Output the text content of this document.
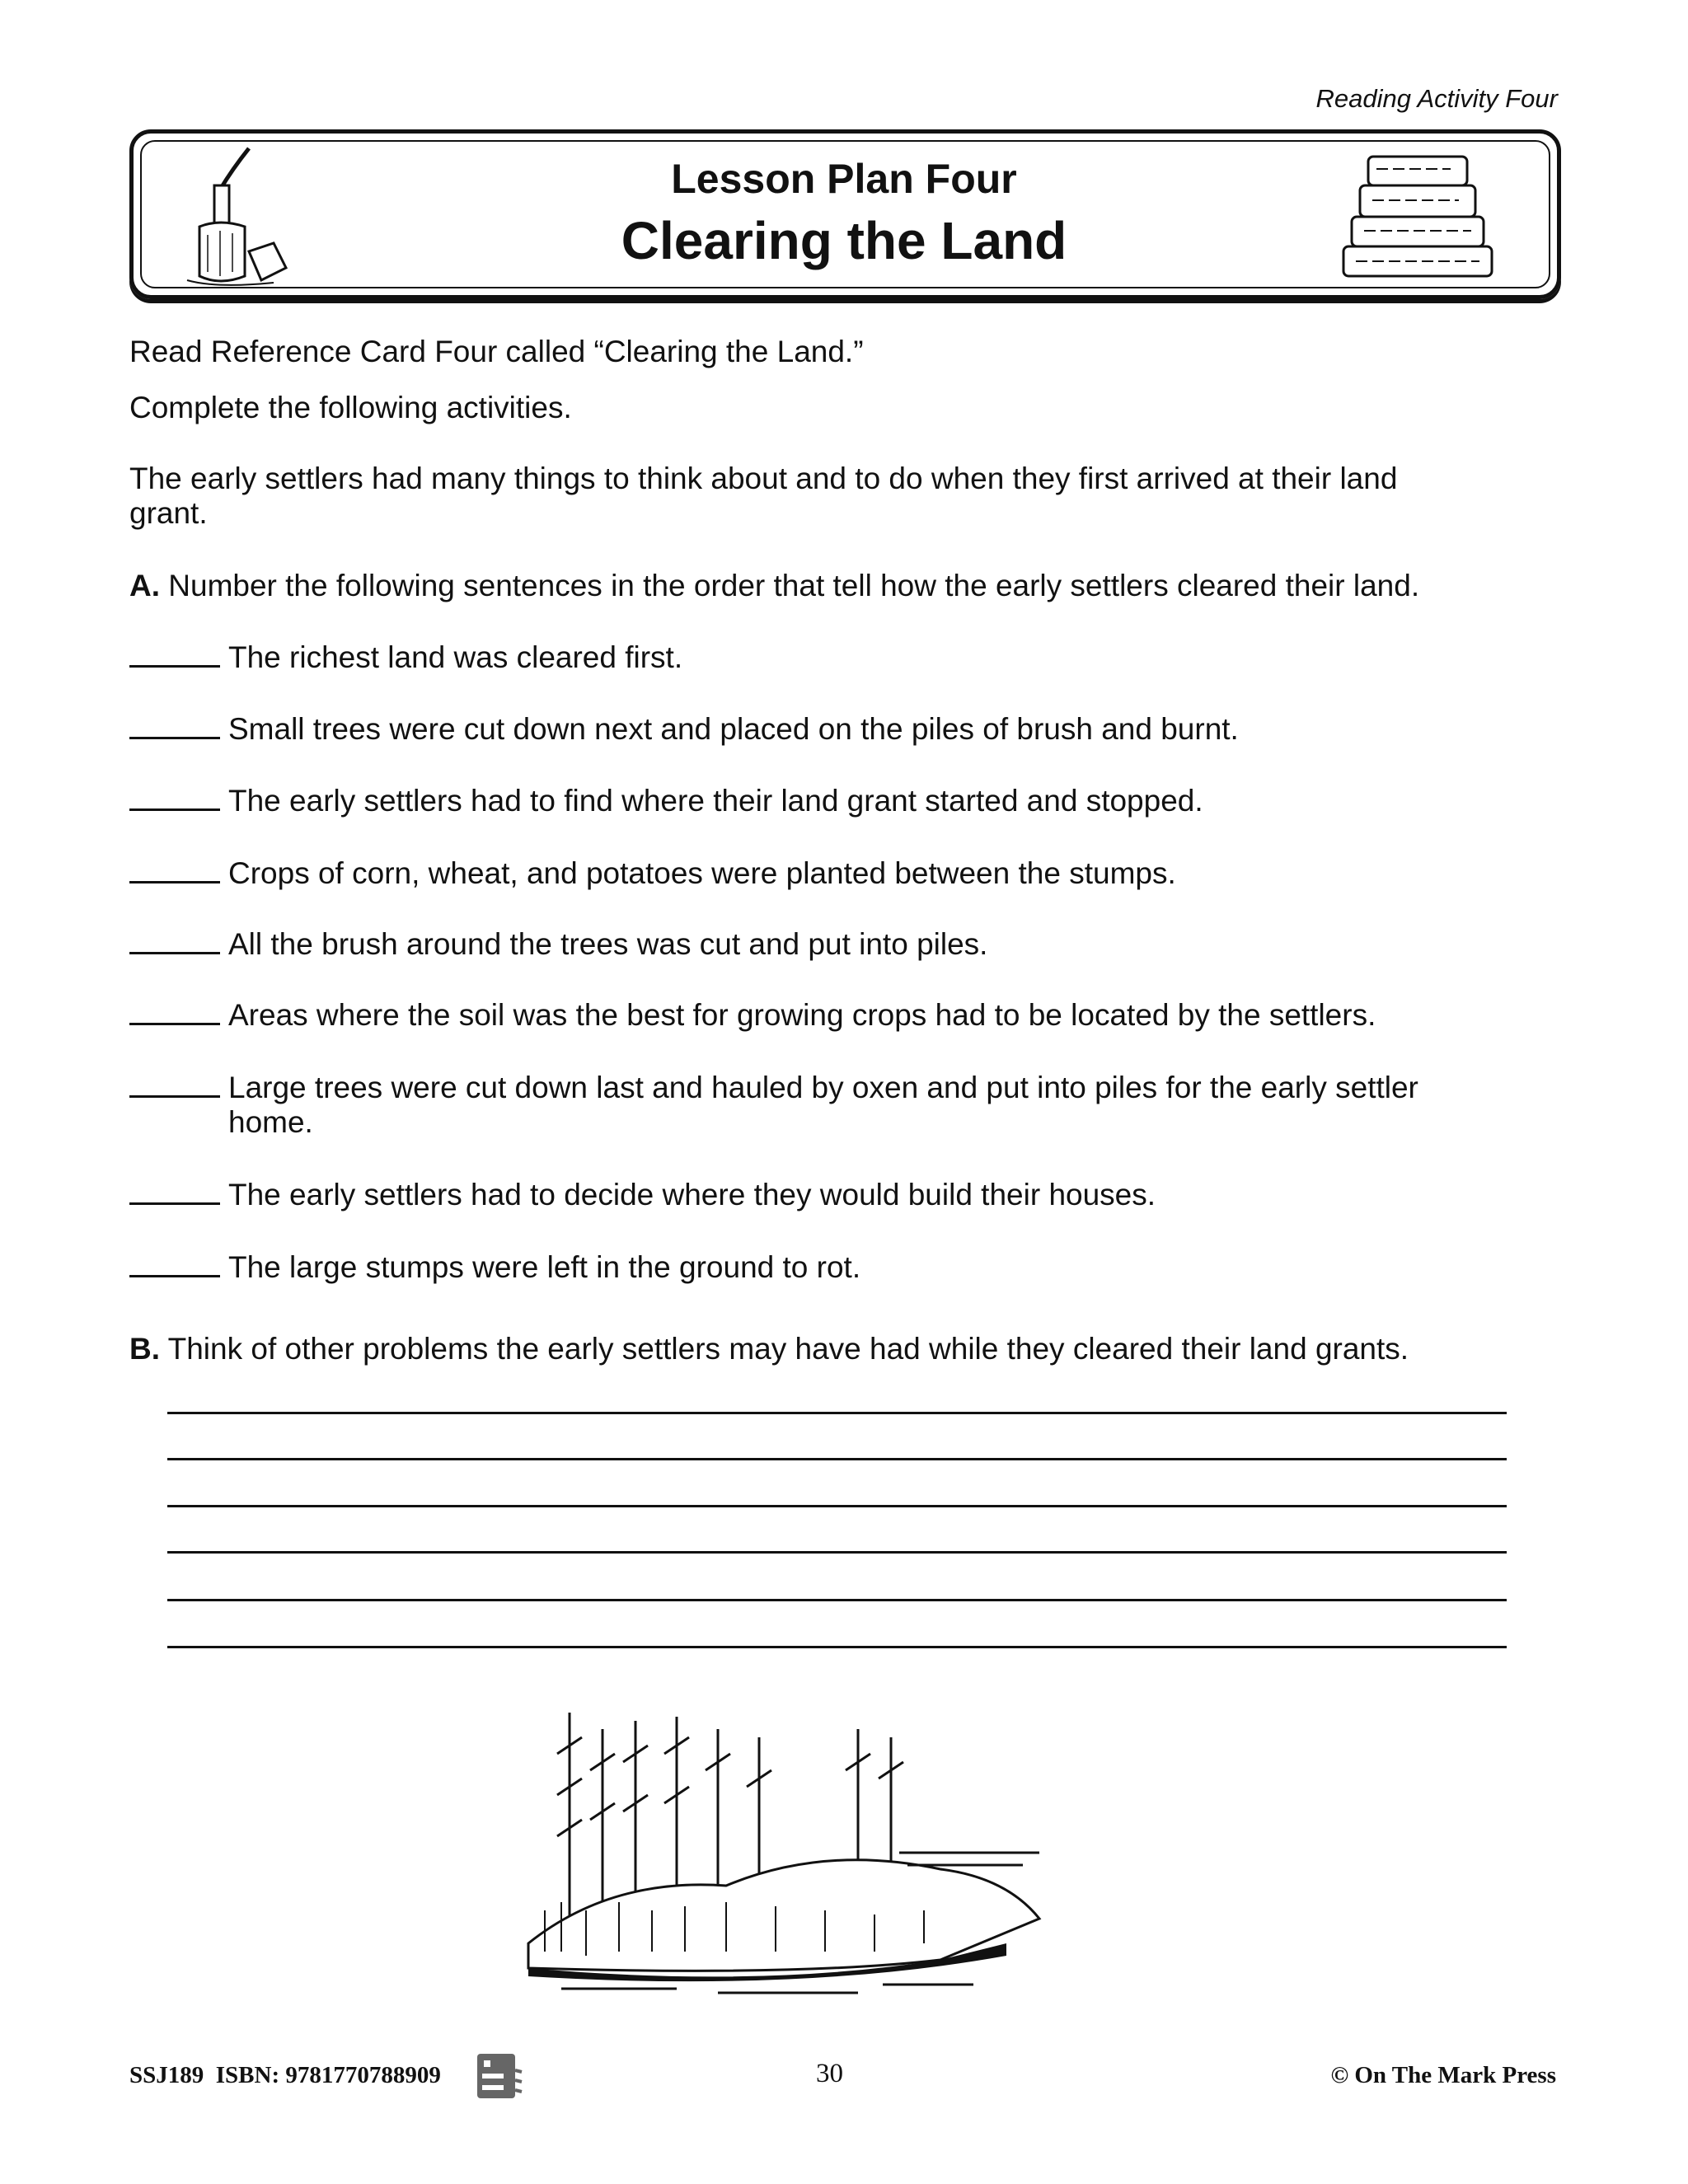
Reading Activity Four
Lesson Plan Four
Clearing the Land
Read Reference Card Four called “Clearing the Land.”
Complete the following activities.
The early settlers had many things to think about and to do when they first arrived at their land
grant.
A. Number the following sentences in the order that tell how the early settlers cleared their land.
The richest land was cleared first.
Small trees were cut down next and placed on the piles of brush and burnt.
The early settlers had to find where their land grant started and stopped.
Crops of corn, wheat, and potatoes were planted between the stumps.
All the brush around the trees was cut and put into piles.
Areas where the soil was the best for growing crops had to be located by the settlers.
Large trees were cut down last and hauled by oxen and put into piles for the early settler
home.
The early settlers had to decide where they would build their houses.
The large stumps were left in the ground to rot.
B. Think of other problems the early settlers may have had while they cleared their land grants.
SSJ189 ISBN: 9781770788909	30	© On The Mark Press
